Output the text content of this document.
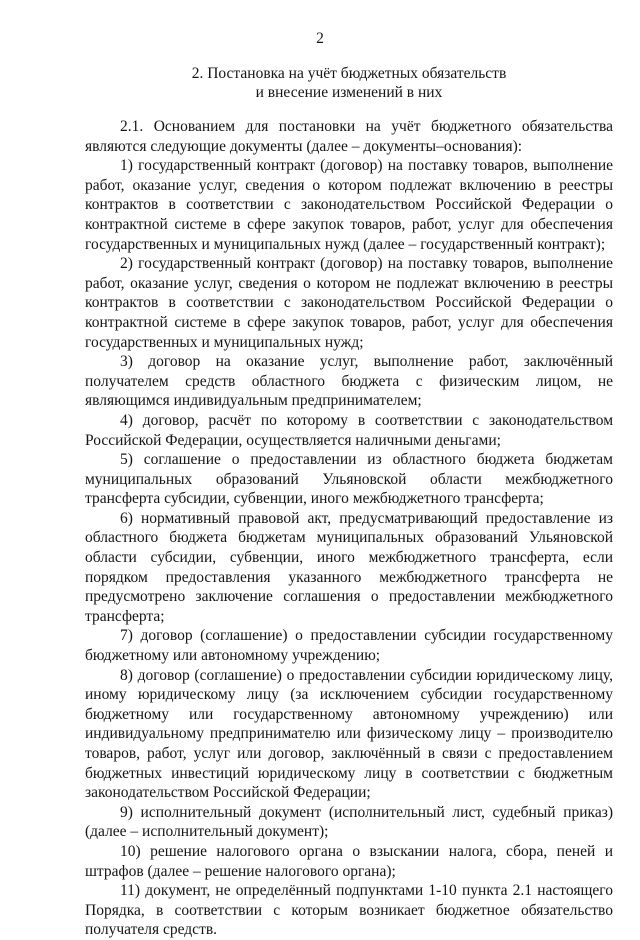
2
2. Постановка на учёт бюджетных обязательств
и внесение изменений в них

2.1. Основанием для постановки на учёт бюджетного обязательства являются следующие документы (далее – документы–основания):

1) государственный контракт (договор) на поставку товаров, выполнение работ, оказание услуг, сведения о котором подлежат включению в реестры контрактов в соответствии с законодательством Российской Федерации о контрактной системе в сфере закупок товаров, работ, услуг для обеспечения государственных и муниципальных нужд (далее – государственный контракт);

2) государственный контракт (договор) на поставку товаров, выполнение работ, оказание услуг, сведения о котором не подлежат включению в реестры контрактов в соответствии с законодательством Российской Федерации о контрактной системе в сфере закупок товаров, работ, услуг для обеспечения государственных и муниципальных нужд;

3) договор на оказание услуг, выполнение работ, заключённый получателем средств областного бюджета с физическим лицом, не являющимся индивидуальным предпринимателем;

4) договор, расчёт по которому в соответствии с законодательством Российской Федерации, осуществляется наличными деньгами;

5) соглашение о предоставлении из областного бюджета бюджетам муниципальных образований Ульяновской области межбюджетного трансферта субсидии, субвенции, иного межбюджетного трансферта;

6) нормативный правовой акт, предусматривающий предоставление из областного бюджета бюджетам муниципальных образований Ульяновской области субсидии, субвенции, иного межбюджетного трансферта, если порядком предоставления указанного межбюджетного трансферта не предусмотрено заключение соглашения о предоставлении межбюджетного трансферта;

7) договор (соглашение) о предоставлении субсидии государственному бюджетному или автономному учреждению;

8) договор (соглашение) о предоставлении субсидии юридическому лицу, иному юридическому лицу (за исключением субсидии государственному бюджетному или государственному автономному учреждению) или индивидуальному предпринимателю или физическому лицу – производителю товаров, работ, услуг или договор, заключённый в связи с предоставлением бюджетных инвестиций юридическому лицу в соответствии с бюджетным законодательством Российской Федерации;

9) исполнительный документ (исполнительный лист, судебный приказ) (далее – исполнительный документ);

10) решение налогового органа о взыскании налога, сбора, пеней и штрафов (далее – решение налогового органа);

11) документ, не определённый подпунктами 1-10 пункта 2.1 настоящего Порядка, в соответствии с которым возникает бюджетное обязательство получателя средств.
